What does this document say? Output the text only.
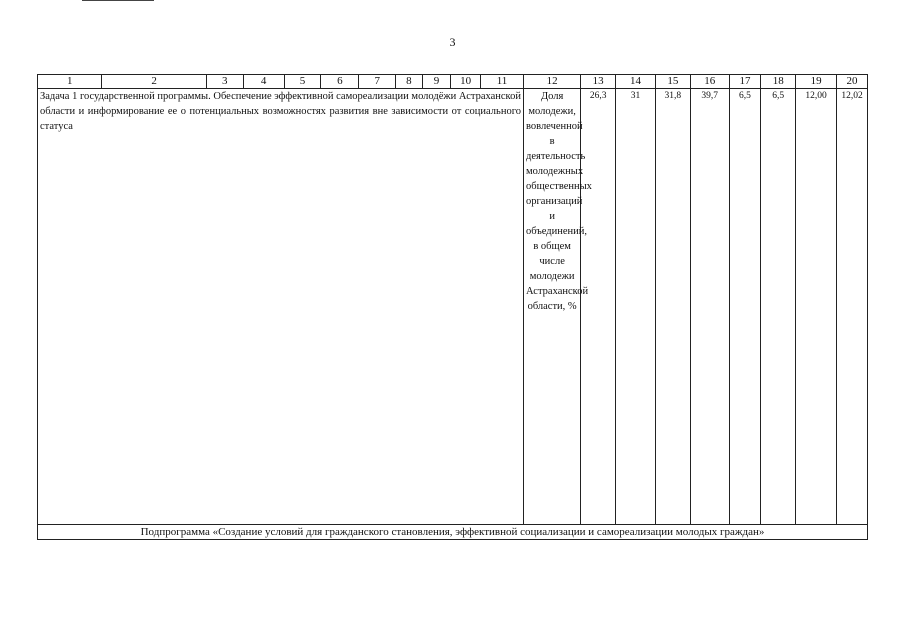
3
1	2	3	4	5	6	7	8	9	10	11	12	13	14	15	16	17	18	19	20
Задача 1 государственной программы. Обеспечение эффективной самореализации молодёжи Астраханской области и информирование ее о потенциальных возможностях развития вне зависимости от социального статуса											Доля молодежи, вовлеченной в деятельность молодежных общественных организаций и объединений, в общем числе молодежи Астраханской области, %	26,3	31	31,8	39,7	6,5	6,5	12,00	12,02
Подпрограмма «Создание условий для гражданского становления, эффективной социализации и самореализации молодых граждан»																			
